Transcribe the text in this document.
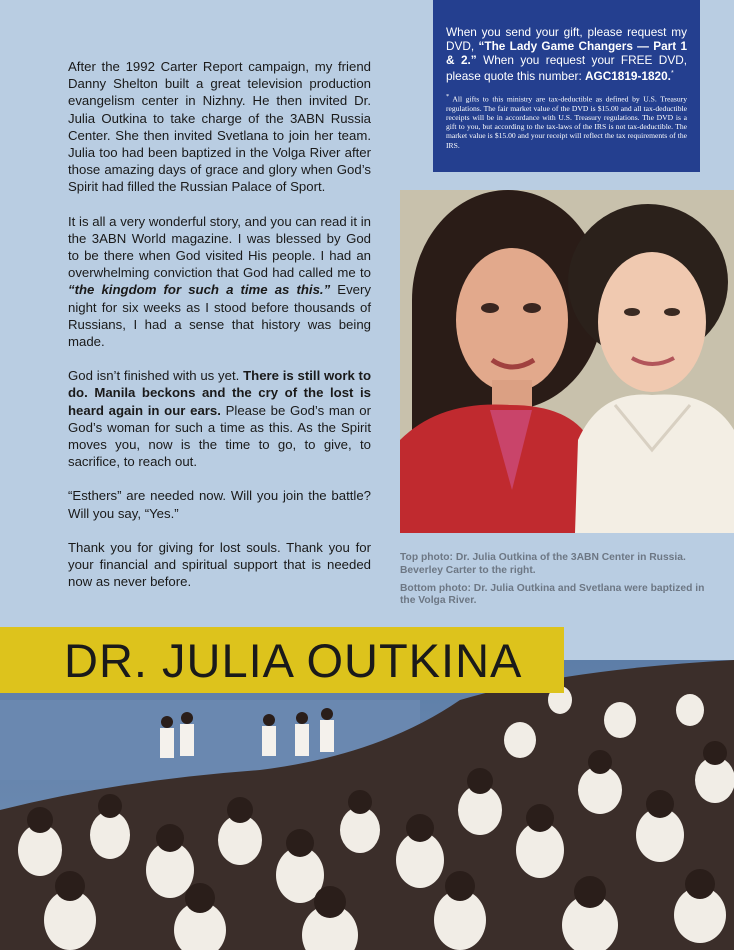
After the 1992 Carter Report campaign, my friend Danny Shelton built a great television production evangelism center in Nizhny. He then invited Dr. Julia Outkina to take charge of the 3ABN Russia Center. She then invited Svetlana to join her team. Julia too had been baptized in the Volga River after those amazing days of grace and glory when God’s Spirit had filled the Russian Palace of Sport.

It is all a very wonderful story, and you can read it in the 3ABN World magazine. I was blessed by God to be there when God visited His people. I had an overwhelming conviction that God had called me to “the kingdom for such a time as this.” Every night for six weeks as I stood before thousands of Russians, I had a sense that history was being made.

God isn’t finished with us yet. There is still work to do. Manila beckons and the cry of the lost is heard again in our ears. Please be God’s man or God’s woman for such a time as this. As the Spirit moves you, now is the time to go, to give, to sacrifice, to reach out.

“Esthers” are needed now. Will you join the battle? Will you say, “Yes.”

Thank you for giving for lost souls. Thank you for your financial and spiritual support that is needed now as never before.

When you send your gift, please request my DVD, “The Lady Game Changers — Part 1 & 2.” When you request your FREE DVD, please quote this number: AGC1819-1820.*

* All gifts to this ministry are tax-deductible as defined by U.S. Treasury regulations. The fair market value of the DVD is $15.00 and all tax-deductible receipts will be in accordance with U.S. Treasury regulations. The DVD is a gift to you, but according to the tax-laws of the IRS is not tax-deductible. The market value is $15.00 and your receipt will reflect the tax requirements of the IRS.

Top photo: Dr. Julia Outkina of the 3ABN Center in Russia. Beverley Carter to the right.

Bottom photo: Dr. Julia Outkina and Svetlana were baptized in the Volga River.

DR. JULIA OUTKINA
